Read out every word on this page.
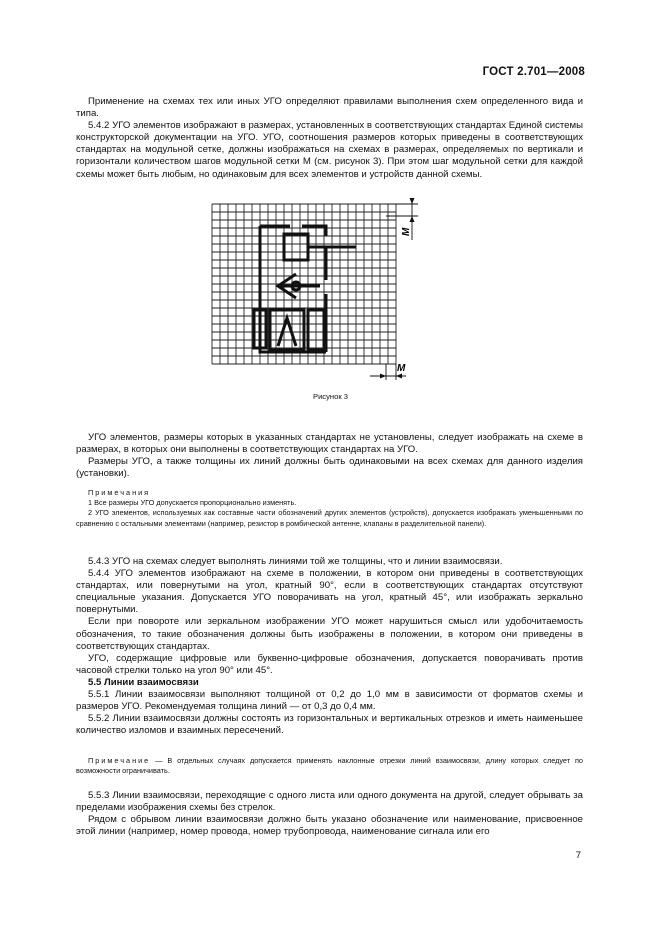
ГОСТ 2.701—2008

Применение на схемах тех или иных УГО определяют правилами выполнения схем определенного вида и типа.

5.4.2 УГО элементов изображают в размерах, установленных в соответствующих стандартах Единой системы конструкторской документации на УГО. УГО, соотношения размеров которых приведены в соответствующих стандартах на модульной сетке, должны изображаться на схемах в размерах, определяемых по вертикали и горизонтали количеством шагов модульной сетки М (см. рисунок 3). При этом шаг модульной сетки для каждой схемы может быть любым, но одинаковым для всех элементов и устройств данной схемы.

M
M
Рисунок 3

УГО элементов, размеры которых в указанных стандартах не установлены, следует изображать на схеме в размерах, в которых они выполнены в соответствующих стандартах на УГО.

Размеры УГО, а также толщины их линий должны быть одинаковыми на всех схемах для данного изделия (установки).

Примечания

1 Все размеры УГО допускается пропорционально изменять.

2 УГО элементов, используемых как составные части обозначений других элементов (устройств), допускается изображать уменьшенными по сравнению с остальными элементами (например, резистор в ромбической антенне, клапаны в разделительной панели).

5.4.3 УГО на схемах следует выполнять линиями той же толщины, что и линии взаимосвязи.

5.4.4 УГО элементов изображают на схеме в положении, в котором они приведены в соответствующих стандартах, или повернутыми на угол, кратный 90°, если в соответствующих стандартах отсутствуют специальные указания. Допускается УГО поворачивать на угол, кратный 45°, или изображать зеркально повернутыми.

Если при повороте или зеркальном изображении УГО может нарушиться смысл или удобочитаемость обозначения, то такие обозначения должны быть изображены в положении, в котором они приведены в соответствующих стандартах.

УГО, содержащие цифровые или буквенно-цифровые обозначения, допускается поворачивать против часовой стрелки только на угол 90° или 45°.

5.5 Линии взаимосвязи

5.5.1 Линии взаимосвязи выполняют толщиной от 0,2 до 1,0 мм в зависимости от форматов схемы и размеров УГО. Рекомендуемая толщина линий — от 0,3 до 0,4 мм.

5.5.2 Линии взаимосвязи должны состоять из горизонтальных и вертикальных отрезков и иметь наименьшее количество изломов и взаимных пересечений.

Примечание — В отдельных случаях допускается применять наклонные отрезки линий взаимосвязи, длину которых следует по возможности ограничивать.

5.5.3 Линии взаимосвязи, переходящие с одного листа или одного документа на другой, следует обрывать за пределами изображения схемы без стрелок.

Рядом с обрывом линии взаимосвязи должно быть указано обозначение или наименование, присвоенное этой линии (например, номер провода, номер трубопровода, наименование сигнала или его

7
